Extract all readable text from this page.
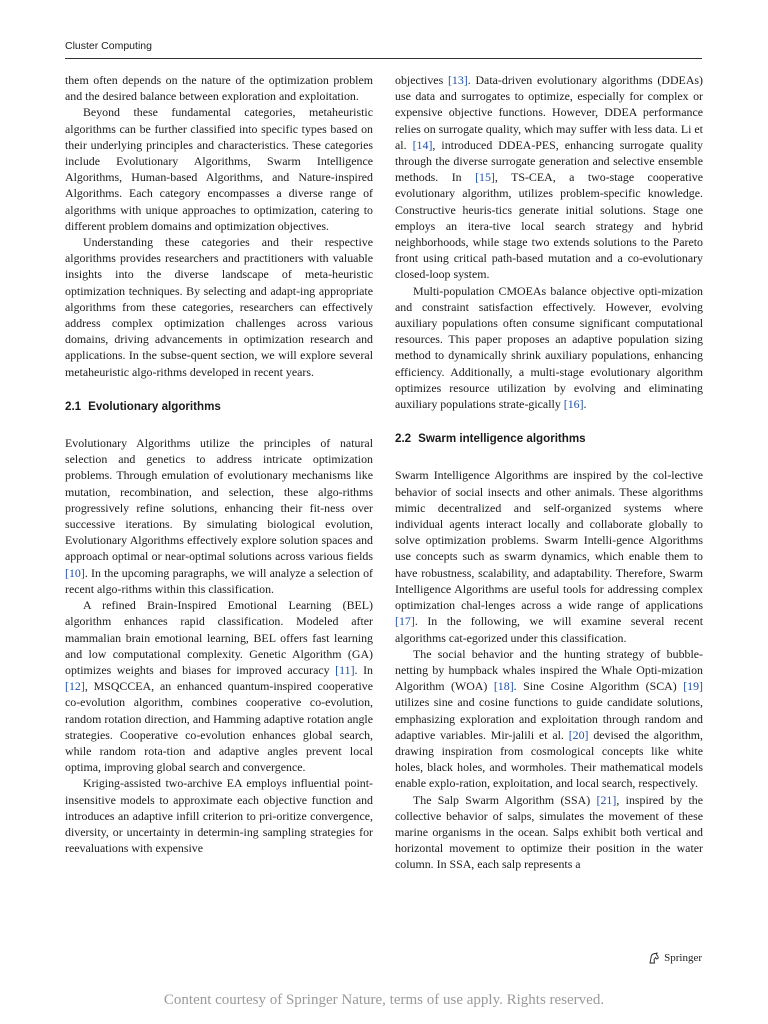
Cluster Computing

them often depends on the nature of the optimization problem and the desired balance between exploration and exploitation.

Beyond these fundamental categories, metaheuristic algorithms can be further classified into specific types based on their underlying principles and characteristics. These categories include Evolutionary Algorithms, Swarm Intelligence Algorithms, Human-based Algorithms, and Nature-inspired Algorithms. Each category encompasses a diverse range of algorithms with unique approaches to optimization, catering to different problem domains and optimization objectives.

Understanding these categories and their respective algorithms provides researchers and practitioners with valuable insights into the diverse landscape of meta-heuristic optimization techniques. By selecting and adapt-ing appropriate algorithms from these categories, researchers can effectively address complex optimization challenges across various domains, driving advancements in optimization research and applications. In the subse-quent section, we will explore several metaheuristic algo-rithms developed in recent years.

2.1 Evolutionary algorithms

Evolutionary Algorithms utilize the principles of natural selection and genetics to address intricate optimization problems. Through emulation of evolutionary mechanisms like mutation, recombination, and selection, these algo-rithms progressively refine solutions, enhancing their fit-ness over successive iterations. By simulating biological evolution, Evolutionary Algorithms effectively explore solution spaces and approach optimal or near-optimal solutions across various fields [10]. In the upcoming paragraphs, we will analyze a selection of recent algo-rithms within this classification.

A refined Brain-Inspired Emotional Learning (BEL) algorithm enhances rapid classification. Modeled after mammalian brain emotional learning, BEL offers fast learning and low computational complexity. Genetic Algorithm (GA) optimizes weights and biases for improved accuracy [11]. In [12], MSQCCEA, an enhanced quantum-inspired cooperative co-evolution algorithm, combines cooperative co-evolution, random rotation direction, and Hamming adaptive rotation angle strategies. Cooperative co-evolution enhances global search, while random rota-tion and adaptive angles prevent local optima, improving global search and convergence.

Kriging-assisted two-archive EA employs influential point-insensitive models to approximate each objective function and introduces an adaptive infill criterion to pri-oritize convergence, diversity, or uncertainty in determin-ing sampling strategies for reevaluations with expensive

objectives [13]. Data-driven evolutionary algorithms (DDEAs) use data and surrogates to optimize, especially for complex or expensive objective functions. However, DDEA performance relies on surrogate quality, which may suffer with less data. Li et al. [14], introduced DDEA-PES, enhancing surrogate quality through the diverse surrogate generation and selective ensemble methods. In [15], TS-CEA, a two-stage cooperative evolutionary algorithm, utilizes problem-specific knowledge. Constructive heuris-tics generate initial solutions. Stage one employs an itera-tive local search strategy and hybrid neighborhoods, while stage two extends solutions to the Pareto front using critical path-based mutation and a co-evolutionary closed-loop system.

Multi-population CMOEAs balance objective opti-mization and constraint satisfaction effectively. However, evolving auxiliary populations often consume significant computational resources. This paper proposes an adaptive population sizing method to dynamically shrink auxiliary populations, enhancing efficiency. Additionally, a multi-stage evolutionary algorithm optimizes resource utilization by evolving and eliminating auxiliary populations strate-gically [16].

2.2 Swarm intelligence algorithms

Swarm Intelligence Algorithms are inspired by the col-lective behavior of social insects and other animals. These algorithms mimic decentralized and self-organized systems where individual agents interact locally and collaborate globally to solve optimization problems. Swarm Intelli-gence Algorithms use concepts such as swarm dynamics, which enable them to have robustness, scalability, and adaptability. Therefore, Swarm Intelligence Algorithms are useful tools for addressing complex optimization chal-lenges across a wide range of applications [17]. In the following, we will examine several recent algorithms cat-egorized under this classification.

The social behavior and the hunting strategy of bubble-netting by humpback whales inspired the Whale Opti-mization Algorithm (WOA) [18]. Sine Cosine Algorithm (SCA) [19] utilizes sine and cosine functions to guide candidate solutions, emphasizing exploration and exploitation through random and adaptive variables. Mir-jalili et al. [20] devised the algorithm, drawing inspiration from cosmological concepts like white holes, black holes, and wormholes. Their mathematical models enable explo-ration, exploitation, and local search, respectively.

The Salp Swarm Algorithm (SSA) [21], inspired by the collective behavior of salps, simulates the movement of these marine organisms in the ocean. Salps exhibit both vertical and horizontal movement to optimize their position in the water column. In SSA, each salp represents a

Springer
Content courtesy of Springer Nature, terms of use apply. Rights reserved.
